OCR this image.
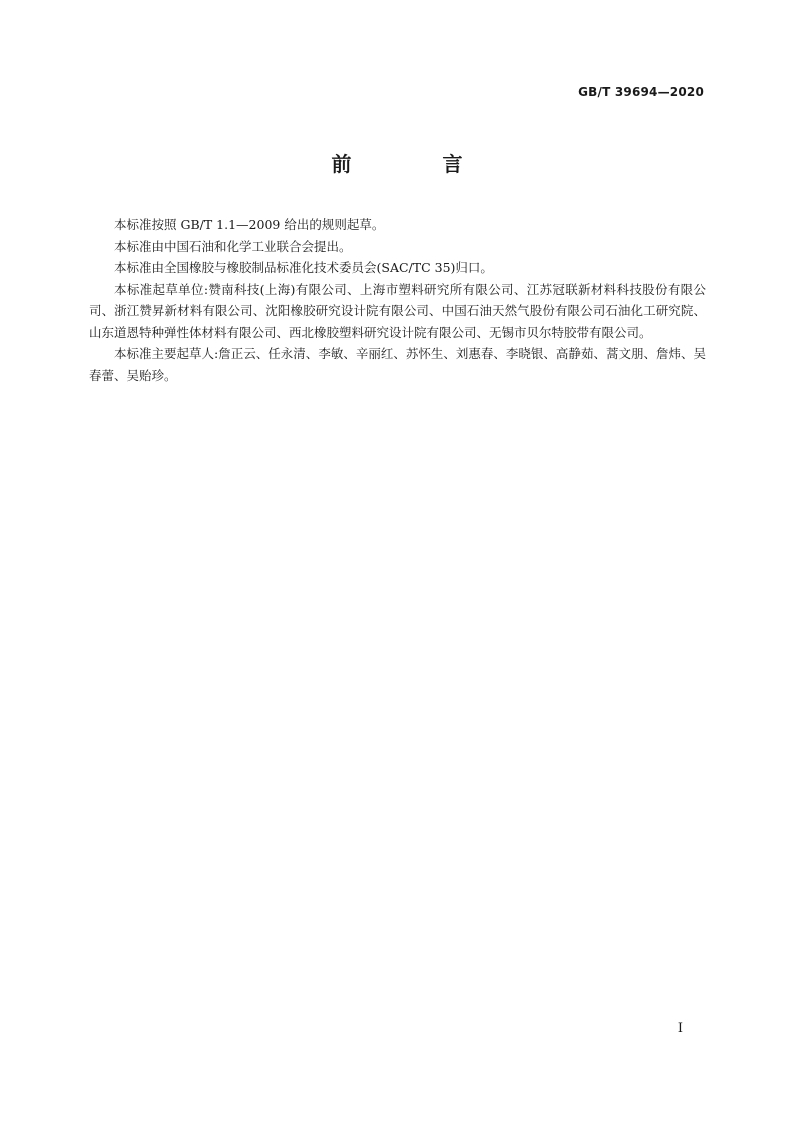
GB/T 39694—2020
前 言

本标准按照 GB/T 1.1—2009 给出的规则起草。

本标准由中国石油和化学工业联合会提出。

本标准由全国橡胶与橡胶制品标准化技术委员会(SAC/TC 35)归口。

本标准起草单位:赞南科技(上海)有限公司、上海市塑料研究所有限公司、江苏冠联新材料科技股份有限公司、浙江赞昇新材料有限公司、沈阳橡胶研究设计院有限公司、中国石油天然气股份有限公司石油化工研究院、山东道恩特种弹性体材料有限公司、西北橡胶塑料研究设计院有限公司、无锡市贝尔特胶带有限公司。

本标准主要起草人:詹正云、任永清、李敏、辛丽红、苏怀生、刘惠春、李晓银、高静茹、蒿文朋、詹炜、吴春蕾、吴贻珍。

I
